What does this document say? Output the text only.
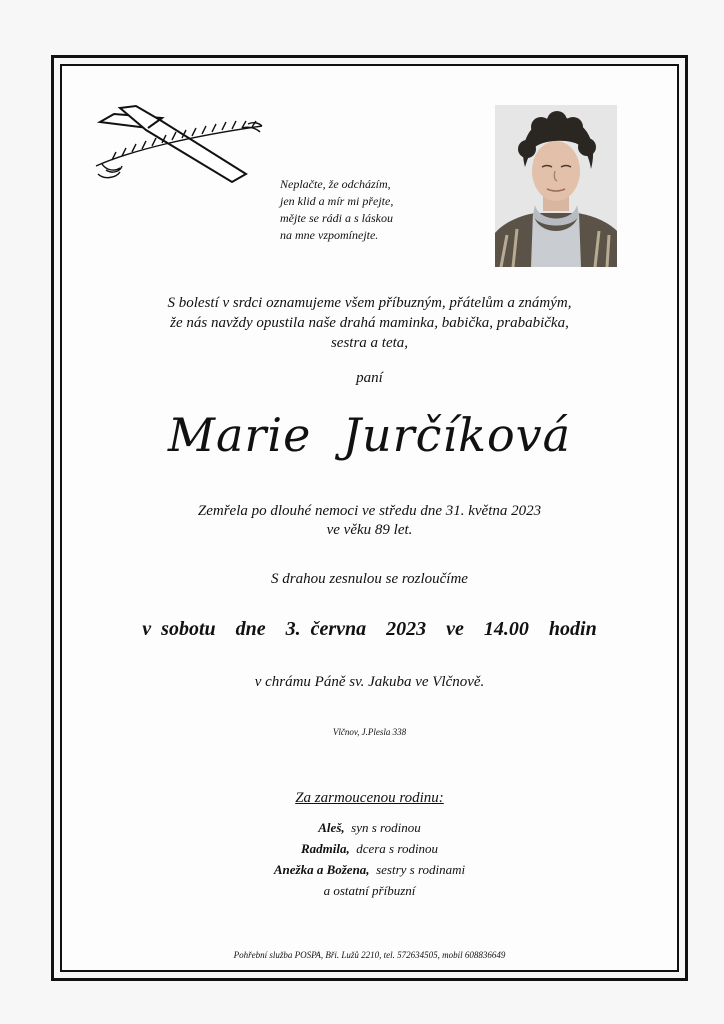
Neplačte, že odcházím,
jen klid a mír mi přejte,
mějte se rádi a s láskou
na mne vzpomínejte.
S bolestí v srdci oznamujeme všem příbuzným, přátelům a známým,
že nás navždy opustila naše drahá maminka, babička, prababička,
sestra a teta,
paní
Marie  Jurčíková
Zemřela po dlouhé nemoci ve středu dne 31. května 2023
ve věku 89 let.
S drahou zesnulou se rozloučíme
v sobotu  dne  3. června  2023  ve  14.00  hodin
v chrámu Páně sv. Jakuba ve Vlčnově.
Vlčnov, J.Plesla 338
Za zarmoucenou rodinu:
Aleš, syn s rodinou
Radmila, dcera s rodinou
Anežka a Božena, sestry s rodinami
a ostatní příbuzní
Pohřební služba POSPA, Bři. Lužů 2210, tel. 572634505, mobil 608836649
